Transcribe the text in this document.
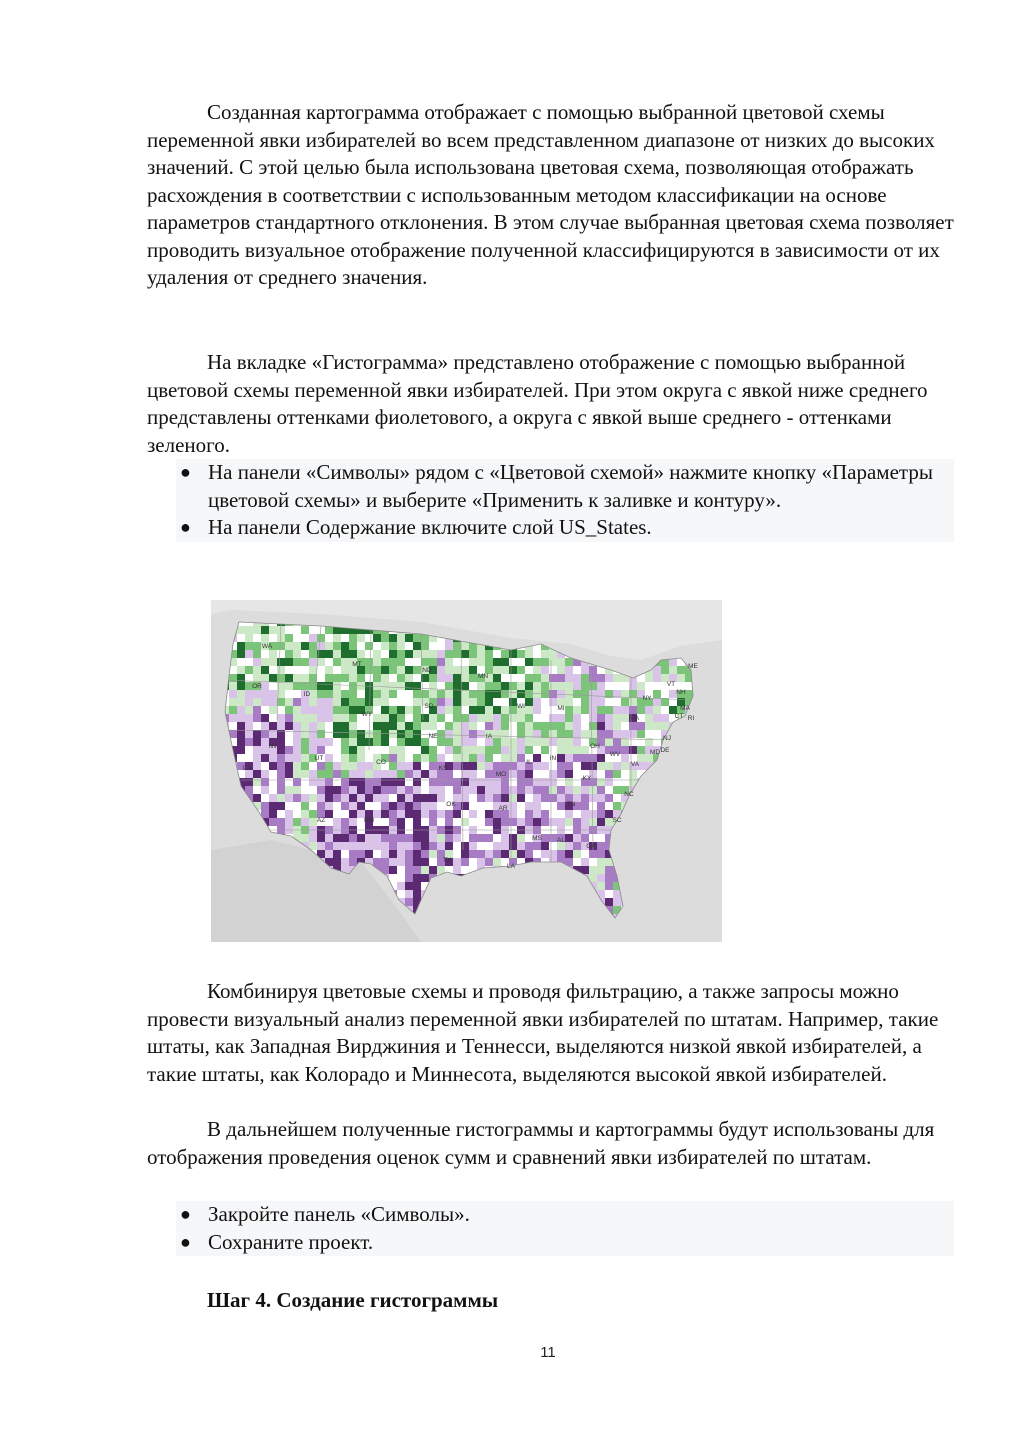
Созданная картограмма отображает с помощью выбранной цветовой схемы переменной явки избирателей во всем представленном диапазоне от низких до высоких значений. С этой целью была использована цветовая схема, позволяющая отображать расхождения в соответствии с использованным методом классификации на основе параметров стандартного отклонения. В этом случае выбранная цветовая схема позволяет проводить визуальное отображение полученной классифицируются в зависимости от их удаления от среднего значения.

На вкладке «Гистограмма» представлено отображение с помощью выбранной цветовой схемы переменной явки избирателей. При этом округа с явкой ниже среднего представлены оттенками фиолетового, а округа с явкой выше среднего - оттенками зеленого.

● На панели «Символы» рядом с «Цветовой схемой» нажмите кнопку «Параметры цветовой схемы» и выберите «Применить к заливке и контуру».
● На панели Содержание включите слой US_States.
WA
OR
CA
NV
ID
MT
WY
UT
AZ
CO
NM
ND
SD
NE
KS
OK
TX
MN
IA
MO
AR
LA
WI
IL
MS AL
TN
KY
IN
MI
OH
GA
SC
NC
VA
WV
PA
NY
ME
VT
NH
MA
CT RI
NJ
DE
MD

Комбинируя цветовые схемы и проводя фильтрацию, а также запросы можно провести визуальный анализ переменной явки избирателей по штатам. Например, такие штаты, как Западная Вирджиния и Теннесси, выделяются низкой явкой избирателей, а такие штаты, как Колорадо и Миннесота, выделяются высокой явкой избирателей.

В дальнейшем полученные гистограммы и картограммы будут использованы для отображения проведения оценок сумм и сравнений явки избирателей по штатам.

● Закройте панель «Символы».
● Сохраните проект.
Шаг 4. Создание гистограммы
11
